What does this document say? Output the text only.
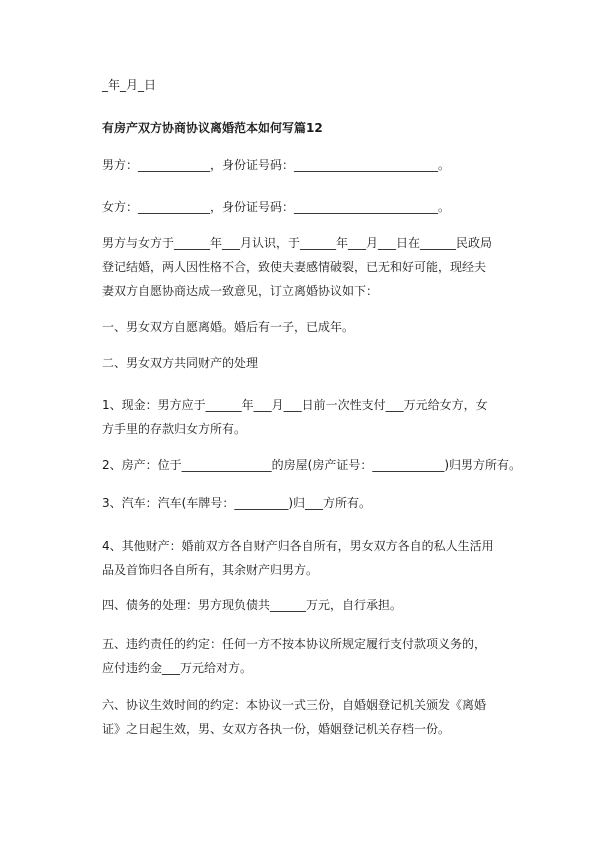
_年_月_日

有房产双方协商协议离婚范本如何写篇12

男方：____________，身份证号码：________________________。

女方：____________，身份证号码：________________________。

男方与女方于______年___月认识，于______年___月___日在______民政局登记结婚，两人因性格不合，致使夫妻感情破裂，已无和好可能，现经夫妻双方自愿协商达成一致意见，订立离婚协议如下：

一、男女双方自愿离婚。婚后有一子，已成年。

二、男女双方共同财产的处理

1、现金：男方应于______年___月___日前一次性支付___万元给女方，女方手里的存款归女方所有。

2、房产：位于_______________的房屋(房产证号：____________)归男方所有。

3、汽车：汽车(车牌号：_________)归___方所有。

4、其他财产：婚前双方各自财产归各自所有，男女双方各自的私人生活用品及首饰归各自所有，其余财产归男方。

四、债务的处理：男方现负债共______万元，自行承担。

五、违约责任的约定：任何一方不按本协议所规定履行支付款项义务的，应付违约金___万元给对方。

六、协议生效时间的约定：本协议一式三份，自婚姻登记机关颁发《离婚证》之日起生效，男、女双方各执一份，婚姻登记机关存档一份。
